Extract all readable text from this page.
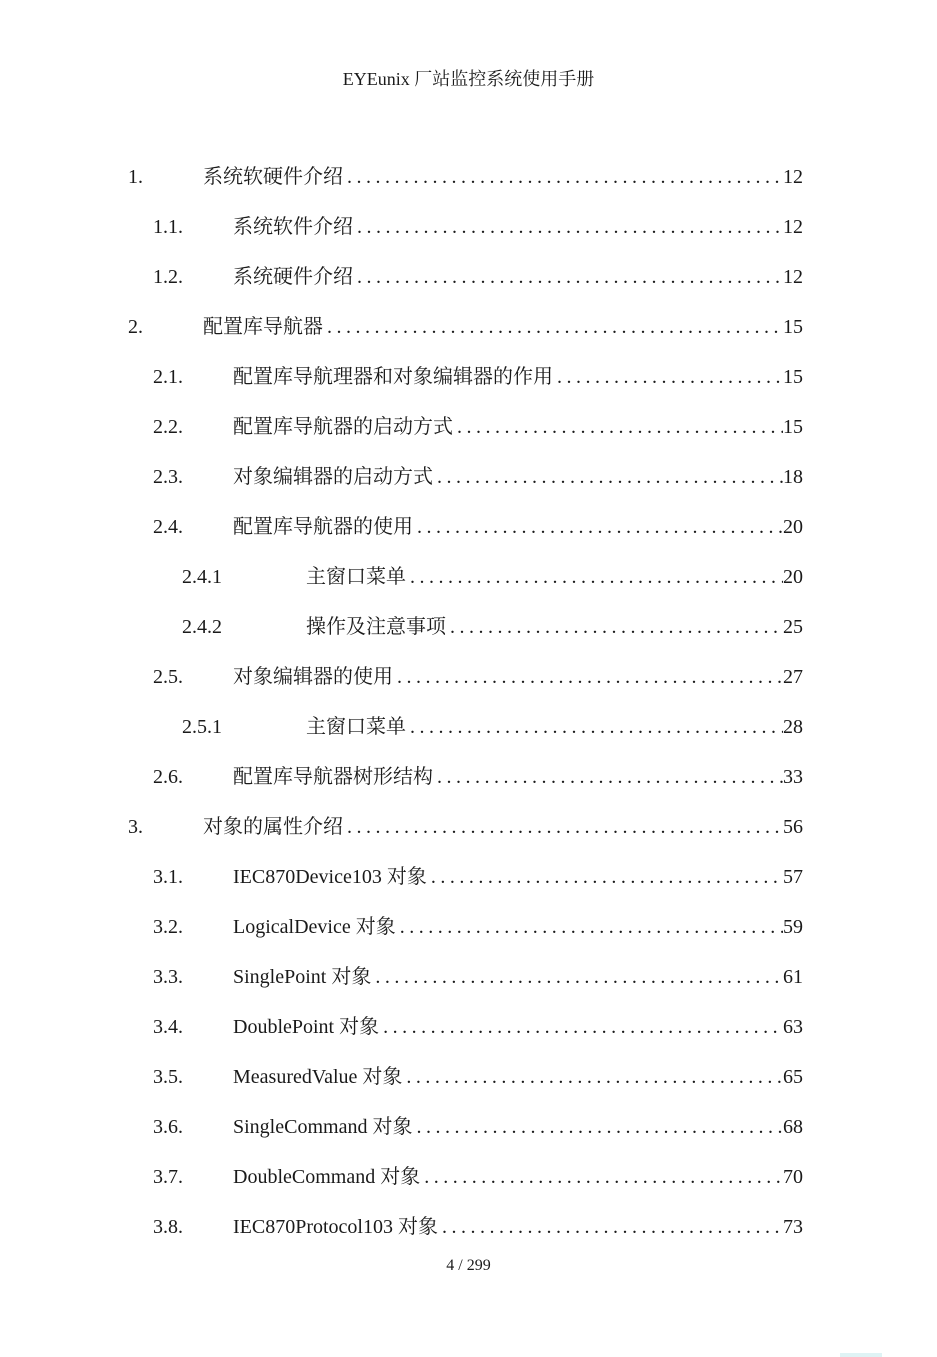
EYEunix 厂站监控系统使用手册
1.	系统软硬件介绍 .....	12
1.1.	系统软件介绍 .....	12
1.2.	系统硬件介绍 .....	12
2.	配置库导航器 .....	15
2.1.	配置库导航理器和对象编辑器的作用 .....	15
2.2.	配置库导航器的启动方式 .....	15
2.3.	对象编辑器的启动方式 .....	18
2.4.	配置库导航器的使用 .....	20
2.4.1	主窗口菜单 .....	20
2.4.2	操作及注意事项 .....	25
2.5.	对象编辑器的使用 .....	27
2.5.1	主窗口菜单 .....	28
2.6.	配置库导航器树形结构 .....	33
3.	对象的属性介绍 .....	56
3.1.	IEC870Device103 对象 .....	57
3.2.	LogicalDevice 对象 .....	59
3.3.	SinglePoint 对象 .....	61
3.4.	DoublePoint 对象 .....	63
3.5.	MeasuredValue 对象 .....	65
3.6.	SingleCommand 对象 .....	68
3.7.	DoubleCommand 对象 .....	70
3.8.	IEC870Protocol103 对象 .....	73
4 / 299
